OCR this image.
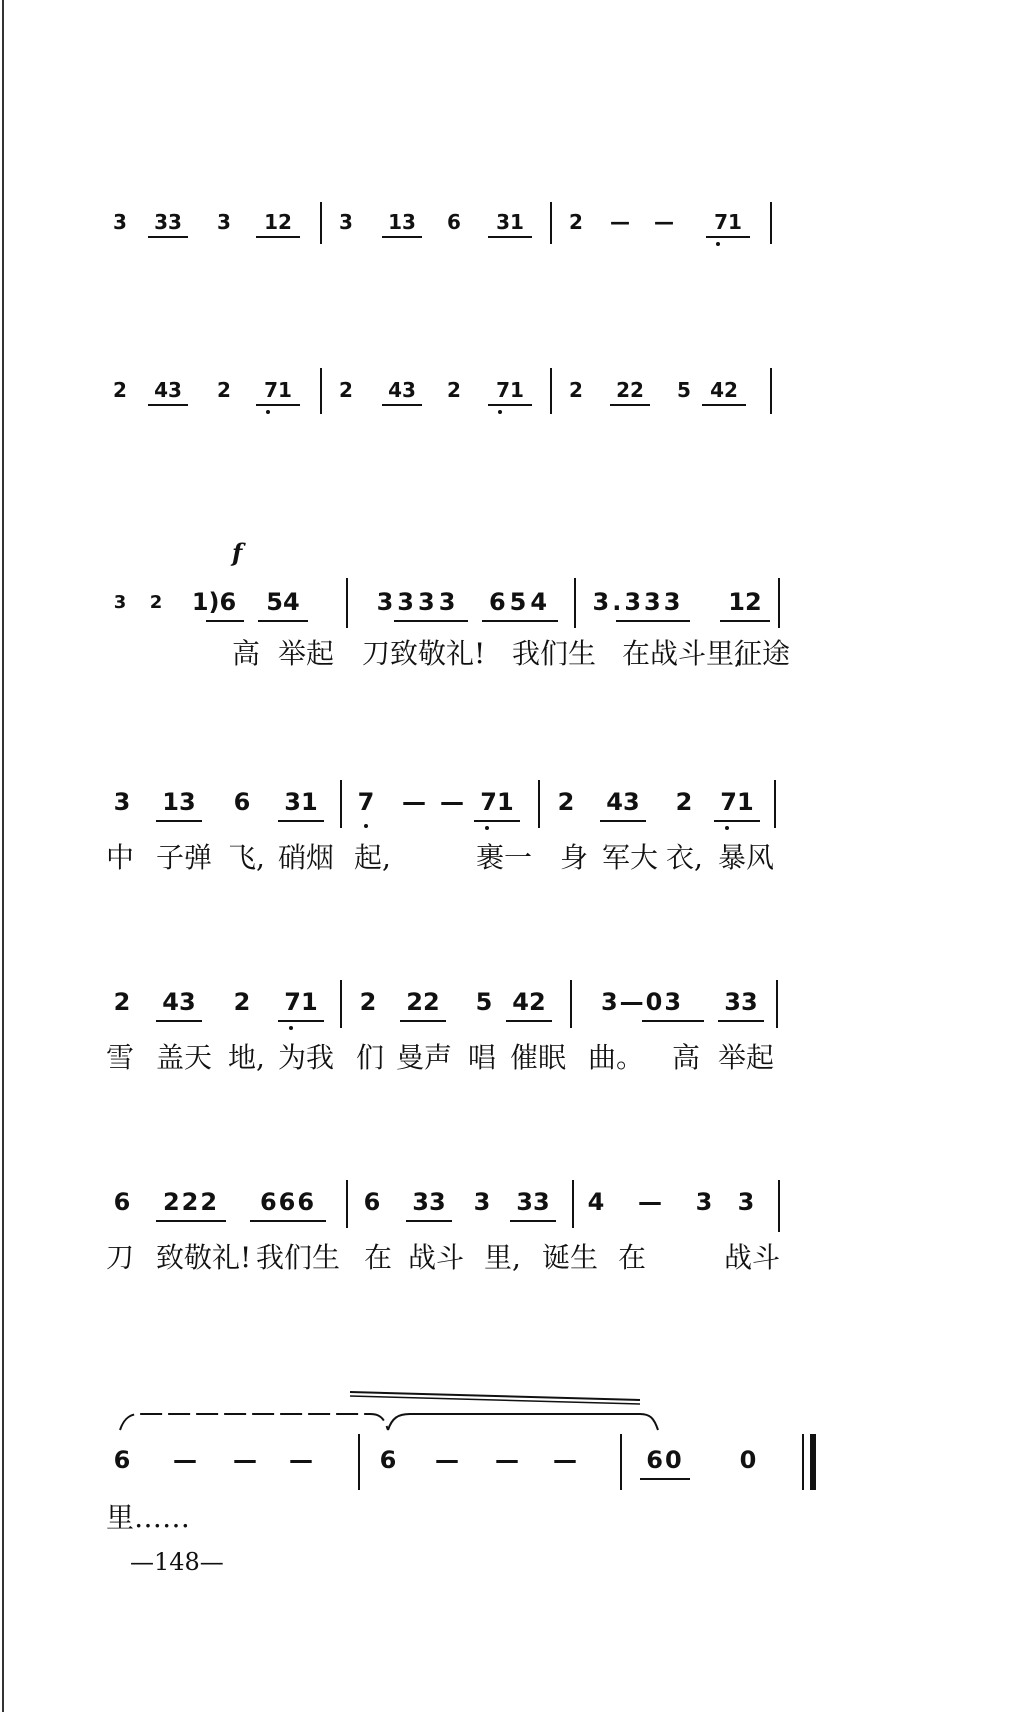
3	33	3	12	3	13	6	31	2	—	—	71
2	43	2	71	2	43	2	71	2	22	5 42
f
3 2	1)6	54	3333	654 3.333	12
高 举起 刀致敬礼! 我们生 在战斗里,
征途
3 13 6 31 7	— — 71 2 43 2 71
中 子弹 飞, 硝烟 起,	裹一 身 军大 衣, 暴风
2 43 2 71 2 22 5 42	3—03	33
雪 盖天 地, 为我 们 曼声 唱 催眠 曲。 高 举起
6 222	666	6 33 3 33 4	—	3 3
刀 致敬礼! 我们生 在 战斗 里, 诞生 在	战斗
6 — — —	6 — — —	60 0
里……
—148—
